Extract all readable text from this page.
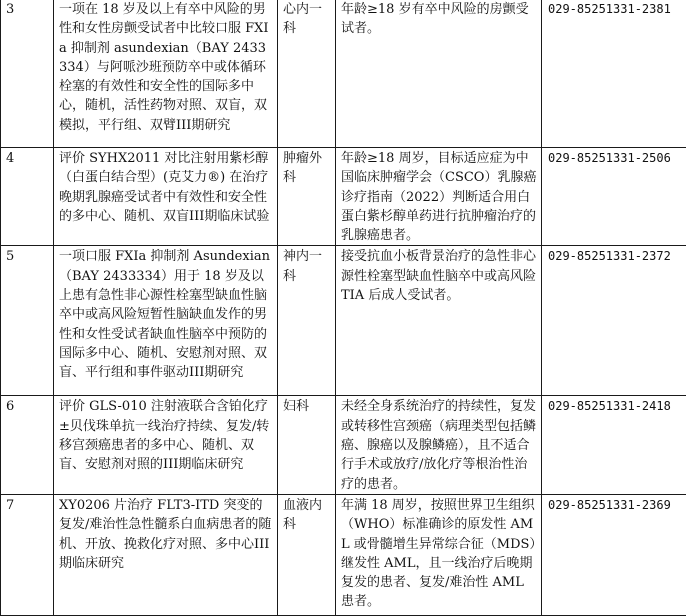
3	一项在 18 岁及以上有卒中风险的男性和女性房颤受试者中比较口服 FXIa 抑制剂 asundexian（BAY 2433334）与阿哌沙班预防卒中或体循环栓塞的有效性和安全性的国际多中心，随机，活性药物对照、双盲，双模拟，平行组、双臂III期研究	心内一科	年龄≥18 岁有卒中风险的房颤受试者。	029-85251331-2381
4	评价 SYHX2011 对比注射用紫杉醇（白蛋白结合型）(克艾力®) 在治疗晚期乳腺癌受试者中有效性和安全性的多中心、随机、双盲III期临床试验	肿瘤外科	年龄≥18 周岁，目标适应症为中国临床肿瘤学会（CSCO）乳腺癌诊疗指南（2022）判断适合用白蛋白紫杉醇单药进行抗肿瘤治疗的乳腺癌患者。	029-85251331-2506
5	一项口服 FXIa 抑制剂 Asundexian（BAY 2433334）用于 18 岁及以上患有急性非心源性栓塞型缺血性脑卒中或高风险短暂性脑缺血发作的男性和女性受试者缺血性脑卒中预防的国际多中心、随机、安慰剂对照、双盲、平行组和事件驱动III期研究	神内一科	接受抗血小板背景治疗的急性非心源性栓塞型缺血性脑卒中或高风险 TIA 后成人受试者。	029-85251331-2372
6	评价 GLS-010 注射液联合含铂化疗±贝伐珠单抗一线治疗持续、复发/转移宫颈癌患者的多中心、随机、双盲、安慰剂对照的III期临床研究	妇科	未经全身系统治疗的持续性，复发或转移性宫颈癌（病理类型包括鳞癌、腺癌以及腺鳞癌），且不适合行手术或放疗/放化疗等根治性治疗的患者。	029-85251331-2418
7	XY0206 片治疗 FLT3-ITD 突变的复发/难治性急性髓系白血病患者的随机、开放、挽救化疗对照、多中心III期临床研究	血液内科	年满 18 周岁，按照世界卫生组织（WHO）标准确诊的原发性 AML 或骨髓增生异常综合征（MDS）继发性 AML，且一线治疗后晚期复发的患者、复发/难治性 AML 患者。	029-85251331-2369
